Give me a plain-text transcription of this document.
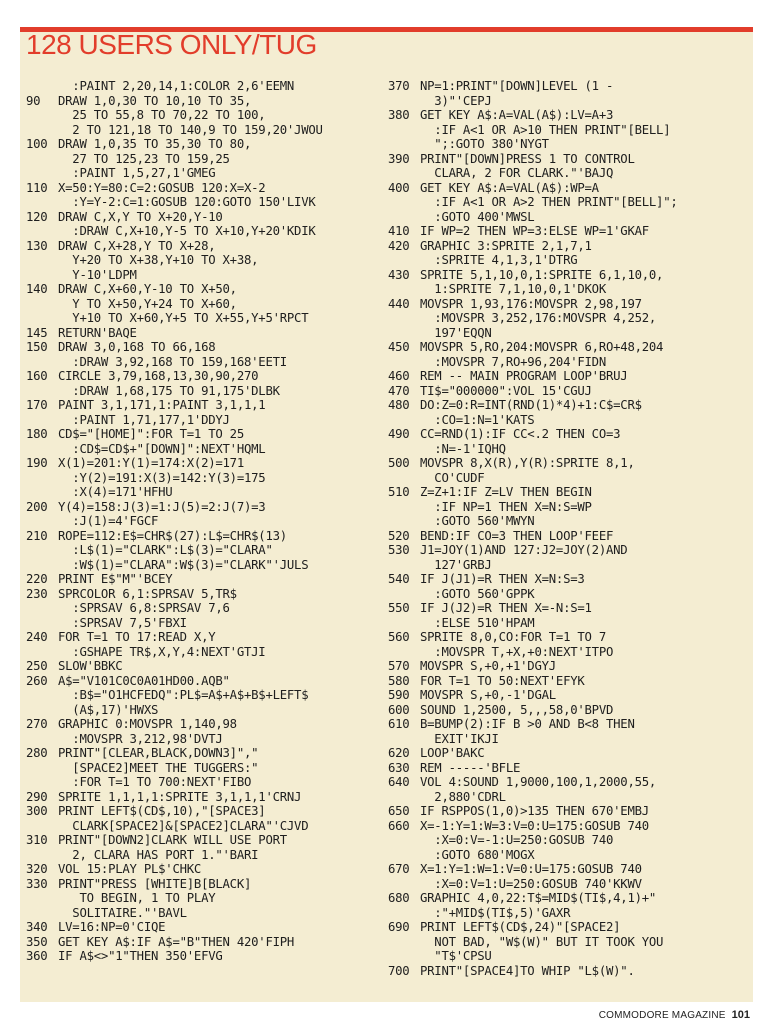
128 USERS ONLY/TUG
:PAINT 2,20,14,1:COLOR 2,6'EEMN
90	DRAW 1,0,30 TO 10,10 TO 35,
25 TO 55,8 TO 70,22 TO 100,
2 TO 121,18 TO 140,9 TO 159,20'JWOU
100 DRAW 1,0,35 TO 35,30 TO 80,
27 TO 125,23 TO 159,25
:PAINT 1,5,27,1'GMEG
110 X=50:Y=80:C=2:GOSUB 120:X=X-2
:Y=Y-2:C=1:GOSUB 120:GOTO 150'LIVK
120 DRAW C,X,Y TO X+20,Y-10
:DRAW C,X+10,Y-5 TO X+10,Y+20'KDIK
130 DRAW C,X+28,Y TO X+28,
Y+20 TO X+38,Y+10 TO X+38,
Y-10'LDPM
140 DRAW C,X+60,Y-10 TO X+50,
Y TO X+50,Y+24 TO X+60,
Y+10 TO X+60,Y+5 TO X+55,Y+5'RPCT
145 RETURN'BAQE
150 DRAW 3,0,168 TO 66,168
:DRAW 3,92,168 TO 159,168'EETI
160 CIRCLE 3,79,168,13,30,90,270
:DRAW 1,68,175 TO 91,175'DLBK
170 PAINT 3,1,171,1:PAINT 3,1,1,1
:PAINT 1,71,177,1'DDYJ
180 CD$="[HOME]":FOR T=1 TO 25
:CD$=CD$+"[DOWN]":NEXT'HQML
190 X(1)=201:Y(1)=174:X(2)=171
:Y(2)=191:X(3)=142:Y(3)=175
:X(4)=171'HFHU
200 Y(4)=158:J(3)=1:J(5)=2:J(7)=3
:J(1)=4'FGCF
210 ROPE=112:E$=CHR$(27):L$=CHR$(13)
:L$(1)="CLARK":L$(3)="CLARA"
:W$(1)="CLARA":W$(3)="CLARK"'JULS
220 PRINT E$"M"'BCEY
230 SPRCOLOR 6,1:SPRSAV 5,TR$
:SPRSAV 6,8:SPRSAV 7,6
:SPRSAV 7,5'FBXI
240 FOR T=1 TO 17:READ X,Y
:GSHAPE TR$,X,Y,4:NEXT'GTJI
250 SLOW'BBKC
260 A$="V101C0C0A01HD00.AQB"
:B$="O1HCFEDQ":PL$=A$+A$+B$+LEFT$
(A$,17)'HWXS
270 GRAPHIC 0:MOVSPR 1,140,98
:MOVSPR 3,212,98'DVTJ
280 PRINT"[CLEAR,BLACK,DOWN3]","
[SPACE2]MEET THE TUGGERS:"
:FOR T=1 TO 700:NEXT'FIBO
290 SPRITE 1,1,1,1:SPRITE 3,1,1,1'CRNJ
300 PRINT LEFT$(CD$,10),"[SPACE3]
CLARK[SPACE2]&[SPACE2]CLARA"'CJVD
310 PRINT"[DOWN2]CLARK WILL USE PORT
2, CLARA HAS PORT 1."'BARI
320 VOL 15:PLAY PL$'CHKC
330 PRINT"PRESS [WHITE]B[BLACK]
TO BEGIN, 1 TO PLAY
SOLITAIRE."'BAVL
340 LV=16:NP=0'CIQE
350 GET KEY A$:IF A$="B"THEN 420'FIPH
360 IF A$<>"1"THEN 350'EFVG
370 NP=1:PRINT"[DOWN]LEVEL (1 -
3)"'CEPJ
380 GET KEY A$:A=VAL(A$):LV=A+3
:IF A<1 OR A>10 THEN PRINT"[BELL]
";:GOTO 380'NYGT
390 PRINT"[DOWN]PRESS 1 TO CONTROL
CLARA, 2 FOR CLARK."'BAJQ
400 GET KEY A$:A=VAL(A$):WP=A
:IF A<1 OR A>2 THEN PRINT"[BELL]";
:GOTO 400'MWSL
410 IF WP=2 THEN WP=3:ELSE WP=1'GKAF
420 GRAPHIC 3:SPRITE 2,1,7,1
:SPRITE 4,1,3,1'DTRG
430 SPRITE 5,1,10,0,1:SPRITE 6,1,10,0,
1:SPRITE 7,1,10,0,1'DKOK
440 MOVSPR 1,93,176:MOVSPR 2,98,197
:MOVSPR 3,252,176:MOVSPR 4,252,
197'EQQN
450 MOVSPR 5,RO,204:MOVSPR 6,RO+48,204
:MOVSPR 7,RO+96,204'FIDN
460 REM -- MAIN PROGRAM LOOP'BRUJ
470 TI$="000000":VOL 15'CGUJ
480 DO:Z=0:R=INT(RND(1)*4)+1:C$=CR$
:CO=1:N=1'KATS
490 CC=RND(1):IF CC<.2 THEN CO=3
:N=-1'IQHQ
500 MOVSPR 8,X(R),Y(R):SPRITE 8,1,
CO'CUDF
510 Z=Z+1:IF Z=LV THEN BEGIN
:IF NP=1 THEN X=N:S=WP
:GOTO 560'MWYN
520 BEND:IF CO=3 THEN LOOP'FEEF
530 J1=JOY(1)AND 127:J2=JOY(2)AND
127'GRBJ
540 IF J(J1)=R THEN X=N:S=3
:GOTO 560'GPPK
550 IF J(J2)=R THEN X=-N:S=1
:ELSE 510'HPAM
560 SPRITE 8,0,CO:FOR T=1 TO 7
:MOVSPR T,+X,+0:NEXT'ITPO
570 MOVSPR S,+0,+1'DGYJ
580 FOR T=1 TO 50:NEXT'EFYK
590 MOVSPR S,+0,-1'DGAL
600 SOUND 1,2500, 5,,,58,0'BPVD
610 B=BUMP(2):IF B >0 AND B<8 THEN
EXIT'IKJI
620 LOOP'BAKC
630 REM -----'BFLE
640 VOL 4:SOUND 1,9000,100,1,2000,55,
2,880'CDRL
650 IF RSPPOS(1,0)>135 THEN 670'EMBJ
660 X=-1:Y=1:W=3:V=0:U=175:GOSUB 740
:X=0:V=-1:U=250:GOSUB 740
:GOTO 680'MOGX
670 X=1:Y=1:W=1:V=0:U=175:GOSUB 740
:X=0:V=1:U=250:GOSUB 740'KKWV
680 GRAPHIC 4,0,22:T$=MID$(TI$,4,1)+"
:"+MID$(TI$,5)'GAXR
690 PRINT LEFT$(CD$,24)"[SPACE2]
NOT BAD, "W$(W)" BUT IT TOOK YOU
"T$'CPSU
700 PRINT"[SPACE4]TO WHIP "L$(W)".
COMMODORE MAGAZINE 101
